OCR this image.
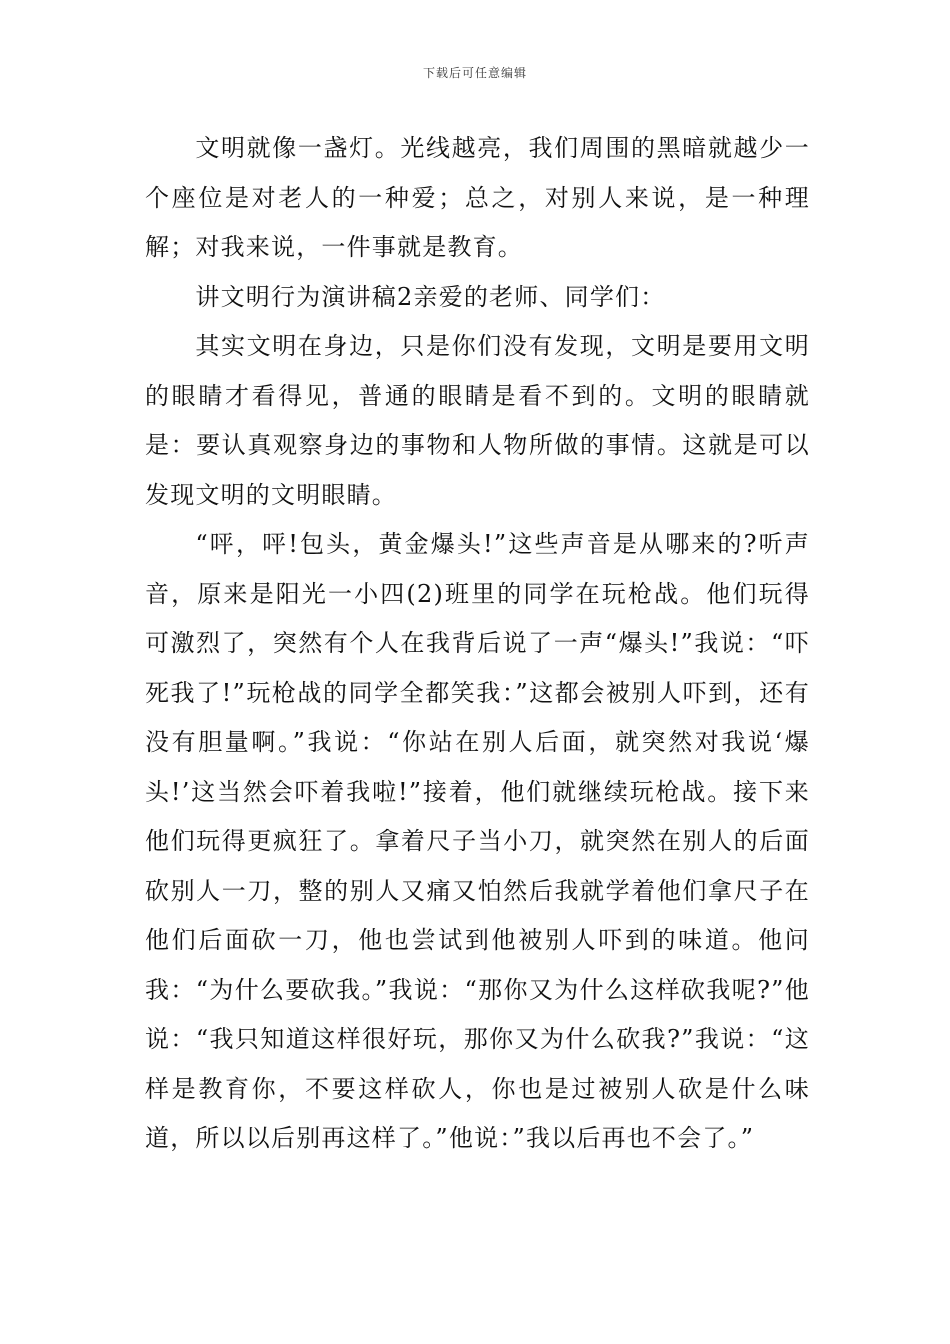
下载后可任意编辑

文明就像一盏灯。光线越亮，我们周围的黑暗就越少一个座位是对老人的一种爱；总之，对别人来说，是一种理解；对我来说，一件事就是教育。

讲文明行为演讲稿2亲爱的老师、同学们：

其实文明在身边，只是你们没有发现，文明是要用文明的眼睛才看得见，普通的眼睛是看不到的。文明的眼睛就是：要认真观察身边的事物和人物所做的事情。这就是可以发现文明的文明眼睛。

“呯，呯!包头，黄金爆头!”这些声音是从哪来的?听声音，原来是阳光一小四(2)班里的同学在玩枪战。他们玩得可激烈了，突然有个人在我背后说了一声“爆头!”我说：“吓死我了!”玩枪战的同学全都笑我：”这都会被别人吓到，还有没有胆量啊。”我说：“你站在别人后面，就突然对我说‘爆头!’这当然会吓着我啦!”接着，他们就继续玩枪战。接下来他们玩得更疯狂了。拿着尺子当小刀，就突然在别人的后面砍别人一刀，整的别人又痛又怕然后我就学着他们拿尺子在他们后面砍一刀，他也尝试到他被别人吓到的味道。他问我：“为什么要砍我。”我说：“那你又为什么这样砍我呢?”他说：“我只知道这样很好玩，那你又为什么砍我?”我说：“这样是教育你，不要这样砍人，你也是过被别人砍是什么味道，所以以后别再这样了。”他说：”我以后再也不会了。”
